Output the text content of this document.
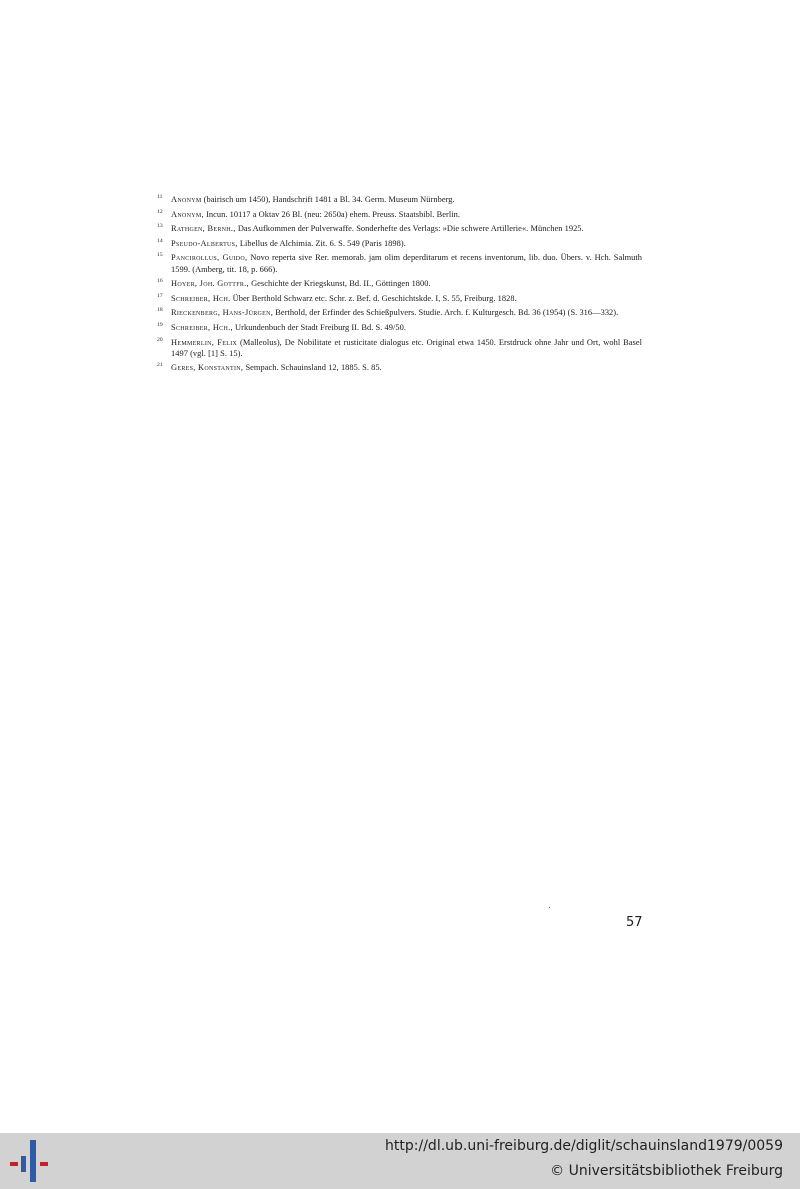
11 Anonym (bairisch um 1450), Handschrift 1481 a Bl. 34. Germ. Museum Nürnberg.
12 Anonym, Incun. 10117 a Oktav 26 Bl. (neu: 2650a) ehem. Preuss. Staatsbibl. Berlin.
13 Rathgen, Bernh., Das Aufkommen der Pulverwaffe. Sonderhefte des Verlags: »Die schwere Artillerie«. München 1925.
14 Pseudo-Albertus, Libellus de Alchimia. Zit. 6. S. 549 (Paris 1898).
15 Pancirollus, Guido, Novo reperta sive Rer. memorab. jam olim deperditarum et recens inventorum, lib. duo. Übers. v. Hch. Salmuth 1599. (Amberg, tit. 18, p. 666).
16 Hoyer, Joh. Gottfr., Geschichte der Kriegskunst, Bd. II., Göttingen 1800.
17 Schreiber, Hch. Über Berthold Schwarz etc. Schr. z. Bef. d. Geschichtskde. I, S. 55, Freiburg. 1828.
18 Rieckenberg, Hans-Jürgen, Berthold, der Erfinder des Schießpulvers. Studie. Arch. f. Kulturgesch. Bd. 36 (1954) (S. 316—332).
19 Schreiber, Hch., Urkundenbuch der Stadt Freiburg II. Bd. S. 49/50.
20 Hemmerlin, Felix (Malleolus), De Nobilitate et rusticitate dialogus etc. Original etwa 1450. Erstdruck ohne Jahr und Ort, wohl Basel 1497 (vgl. [1] S. 15).
21 Geres, Konstantin, Sempach. Schauinsland 12, 1885. S. 85.
57
http://dl.ub.uni-freiburg.de/diglit/schauinsland1979/0059
© Universitätsbibliothek Freiburg
